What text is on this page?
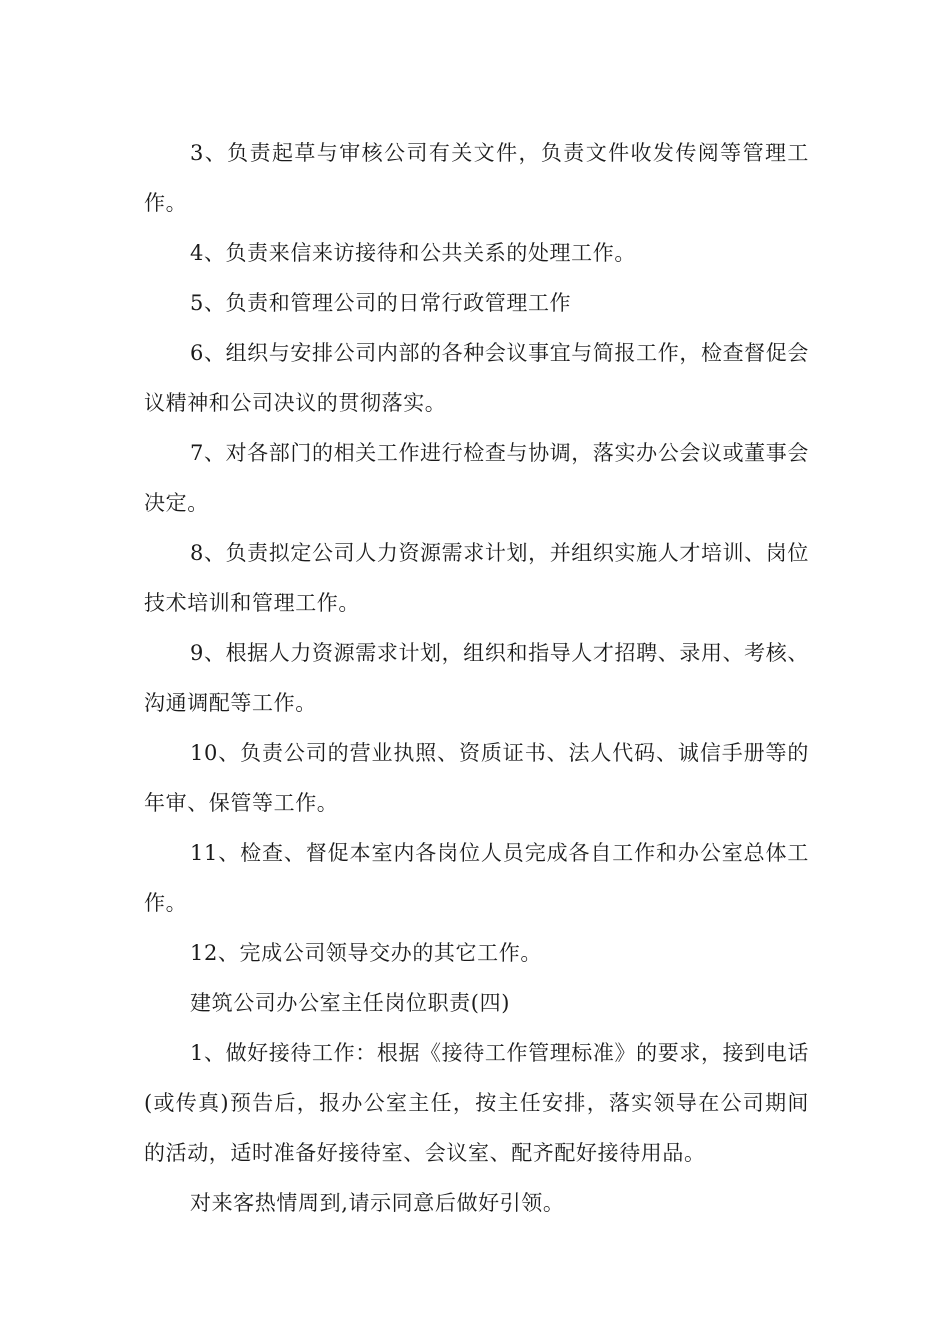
3、负责起草与审核公司有关文件，负责文件收发传阅等管理工作。

4、负责来信来访接待和公共关系的处理工作。

5、负责和管理公司的日常行政管理工作

6、组织与安排公司内部的各种会议事宜与简报工作，检查督促会议精神和公司决议的贯彻落实。

7、对各部门的相关工作进行检查与协调，落实办公会议或董事会决定。

8、负责拟定公司人力资源需求计划，并组织实施人才培训、岗位技术培训和管理工作。

9、根据人力资源需求计划，组织和指导人才招聘、录用、考核、沟通调配等工作。

10、负责公司的营业执照、资质证书、法人代码、诚信手册等的年审、保管等工作。

11、检查、督促本室内各岗位人员完成各自工作和办公室总体工作。

12、完成公司领导交办的其它工作。

建筑公司办公室主任岗位职责(四)

1、做好接待工作：根据《接待工作管理标准》的要求，接到电话(或传真)预告后，报办公室主任，按主任安排，落实领导在公司期间的活动，适时准备好接待室、会议室、配齐配好接待用品。

对来客热情周到,请示同意后做好引领。
